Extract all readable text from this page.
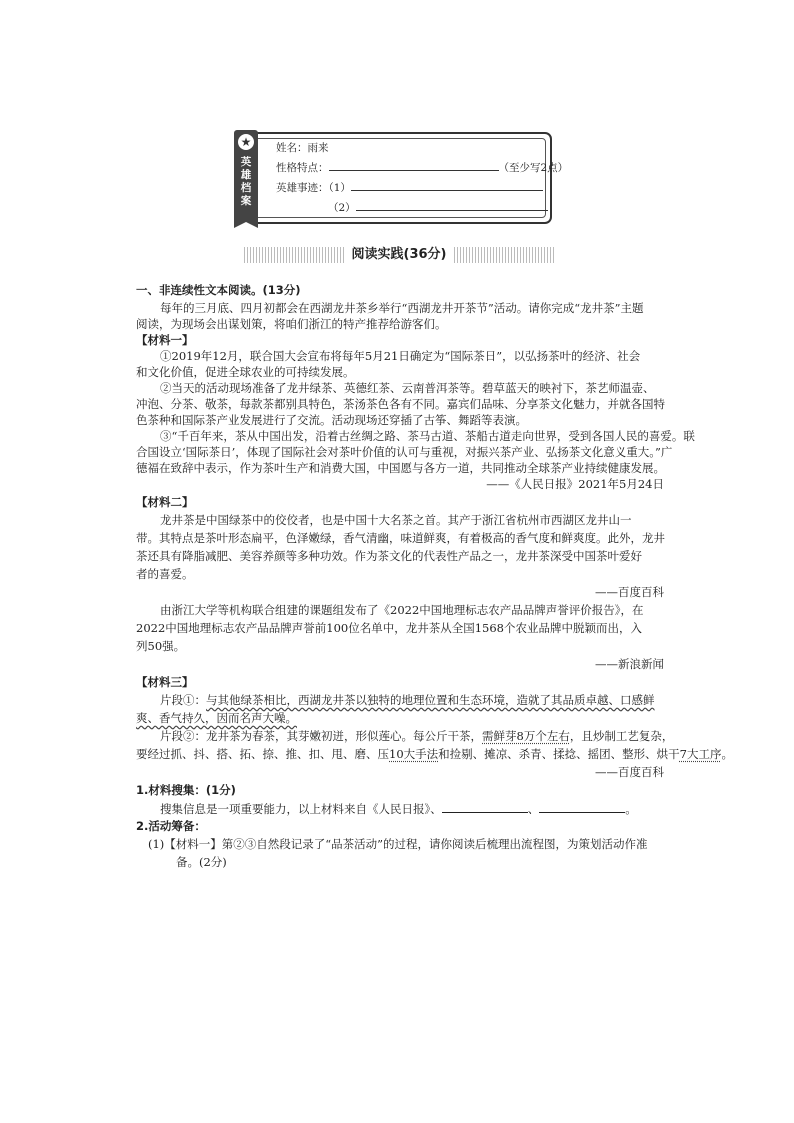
★
英雄档案
姓名：雨来
性格特点：	（至少写2点）
英雄事迹：（1）
（2）
阅读实践(36分)
一、非连续性文本阅读。(13分)
每年的三月底、四月初都会在西湖龙井茶乡举行“西湖龙井开茶节”活动。请你完成“龙井茶”主题
阅读，为现场会出谋划策，将咱们浙江的特产推荐给游客们。
【材料一】
①2019年12月，联合国大会宣布将每年5月21日确定为“国际茶日”，以弘扬茶叶的经济、社会
和文化价值，促进全球农业的可持续发展。
②当天的活动现场准备了龙井绿茶、英德红茶、云南普洱茶等。碧草蓝天的映衬下，茶艺师温壶、
冲泡、分茶、敬茶，每款茶都别具特色，茶汤茶色各有不同。嘉宾们品味、分享茶文化魅力，并就各国特
色茶种和国际茶产业发展进行了交流。活动现场还穿插了古筝、舞蹈等表演。
③“千百年来，茶从中国出发，沿着古丝绸之路、茶马古道、茶船古道走向世界，受到各国人民的喜爱。联
合国设立‘国际茶日’，体现了国际社会对茶叶价值的认可与重视，对振兴茶产业、弘扬茶文化意义重大。”广
德福在致辞中表示，作为茶叶生产和消费大国，中国愿与各方一道，共同推动全球茶产业持续健康发展。
——《人民日报》2021年5月24日
【材料二】
龙井茶是中国绿茶中的佼佼者，也是中国十大名茶之首。其产于浙江省杭州市西湖区龙井山一
带。其特点是茶叶形态扁平，色泽嫩绿，香气清幽，味道鲜爽，有着极高的香气度和鲜爽度。此外，龙井
茶还具有降脂减肥、美容养颜等多种功效。作为茶文化的代表性产品之一，龙井茶深受中国茶叶爱好
者的喜爱。
——百度百科
由浙江大学等机构联合组建的课题组发布了《2022中国地理标志农产品品牌声誉评价报告》，在
2022中国地理标志农产品品牌声誉前100位名单中，龙井茶从全国1568个农业品牌中脱颖而出，入
列50强。
——新浪新闻
【材料三】
片段①：与其他绿茶相比，西湖龙井茶以独特的地理位置和生态环境，造就了其品质卓越、口感鲜
爽、香气持久，因而名声大噪。
片段②：龙井茶为春茶，其芽嫩初迸，形似莲心。每公斤干茶，需鲜芽8万个左右，且炒制工艺复杂，
要经过抓、抖、搭、拓、捺、推、扣、甩、磨、压10大手法和捡剔、摊凉、杀青、揉捻、摇团、整形、烘干7大工序。
——百度百科
1.材料搜集：(1分)
搜集信息是一项重要能力，以上材料来自《人民日报》、	、	。
2.活动筹备：
(1)【材料一】第②③自然段记录了“品茶活动”的过程，请你阅读后梳理出流程图，为策划活动作准
备。(2分)
